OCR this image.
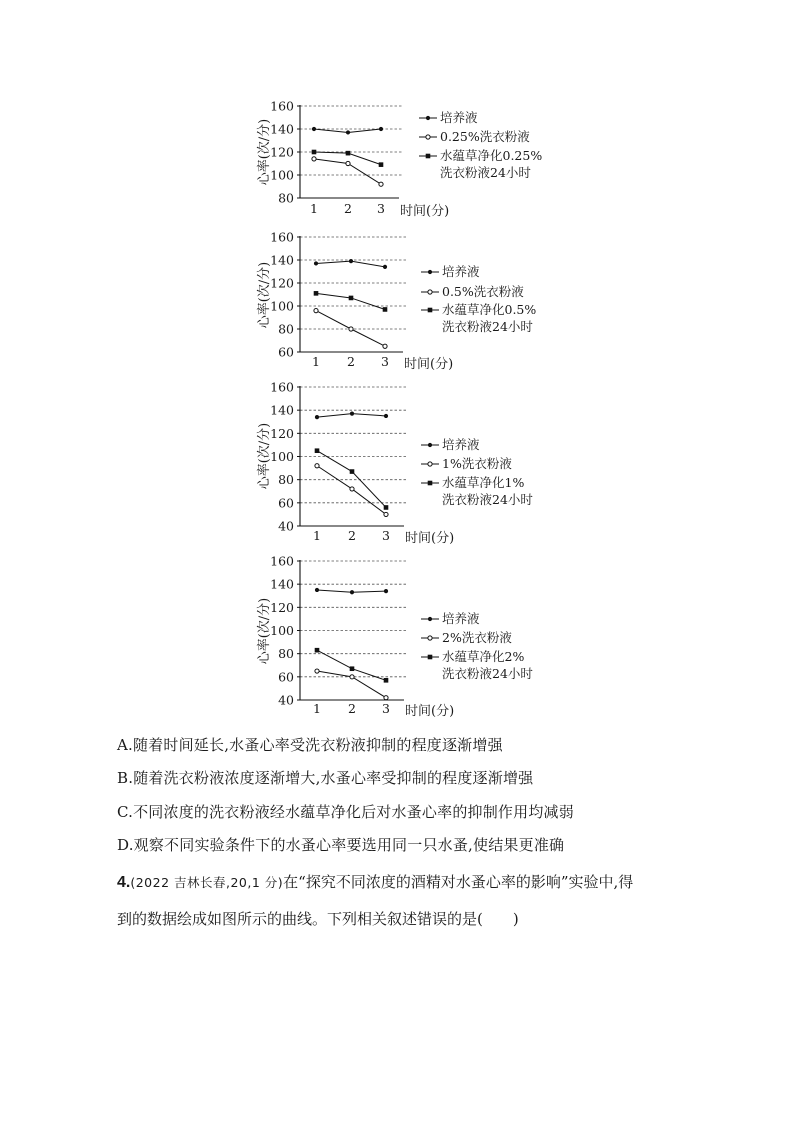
80
100
120
140
160
1 2 3 时间(分)
心率(次/分)
培养液
0.25%洗衣粉液
水蕴草净化0.25%
洗衣粉液24小时
60
80
100
120
140
160
1 2 3 时间(分)
心率(次/分)	培养液
0.5%洗衣粉液
水蕴草净化0.5%
洗衣粉液24小时
40
60
80
100
120
140
160
1 2 3 时间(分)
心率(次/分)	培养液
1%洗衣粉液
水蕴草净化1%
洗衣粉液24小时
40
60
80
100
120
140
160
1 2 3 时间(分)
心率(次/分)	培养液
2%洗衣粉液
水蕴草净化2%
洗衣粉液24小时
A.随着时间延长,水蚤心率受洗衣粉液抑制的程度逐渐增强
B.随着洗衣粉液浓度逐渐增大,水蚤心率受抑制的程度逐渐增强
C.不同浓度的洗衣粉液经水蕴草净化后对水蚤心率的抑制作用均减弱
D.观察不同实验条件下的水蚤心率要选用同一只水蚤,使结果更准确
4.(2022 吉林长春,20,1 分)在“探究不同浓度的酒精对水蚤心率的影响”实验中,得
到的数据绘成如图所示的曲线。下列相关叙述错误的是(　　)
